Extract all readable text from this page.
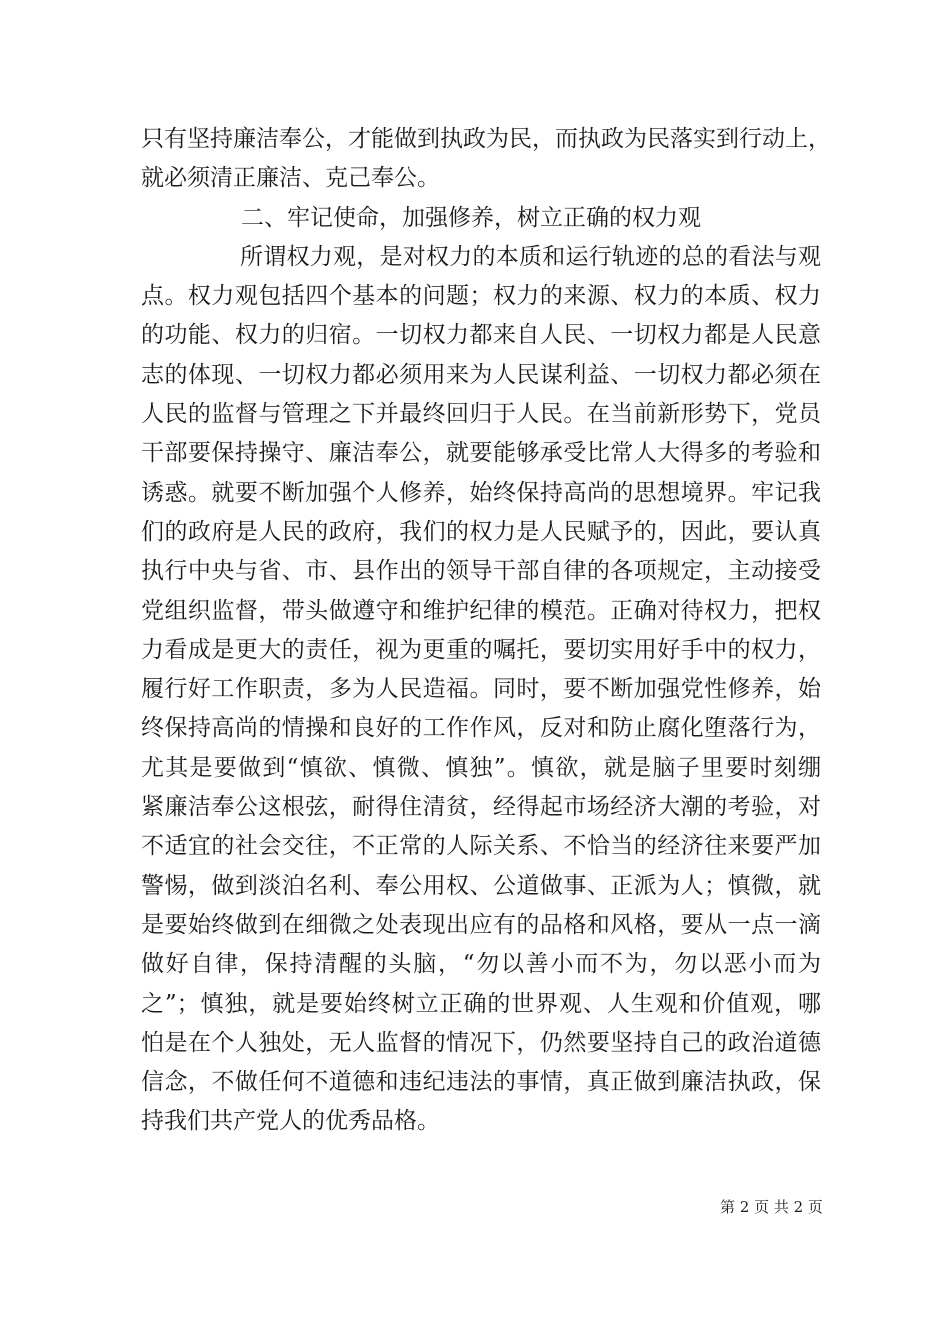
只有坚持廉洁奉公，才能做到执政为民，而执政为民落实到行动上，
就必须清正廉洁、克己奉公。
二、牢记使命，加强修养，树立正确的权力观
所谓权力观，是对权力的本质和运行轨迹的总的看法与观
点。权力观包括四个基本的问题；权力的来源、权力的本质、权力
的功能、权力的归宿。一切权力都来自人民、一切权力都是人民意
志的体现、一切权力都必须用来为人民谋利益、一切权力都必须在
人民的监督与管理之下并最终回归于人民。在当前新形势下，党员
干部要保持操守、廉洁奉公，就要能够承受比常人大得多的考验和
诱惑。就要不断加强个人修养，始终保持高尚的思想境界。牢记我
们的政府是人民的政府，我们的权力是人民赋予的，因此，要认真
执行中央与省、市、县作出的领导干部自律的各项规定，主动接受
党组织监督，带头做遵守和维护纪律的模范。正确对待权力，把权
力看成是更大的责任，视为更重的嘱托，要切实用好手中的权力，
履行好工作职责，多为人民造福。同时，要不断加强党性修养，始
终保持高尚的情操和良好的工作作风，反对和防止腐化堕落行为，
尤其是要做到“慎欲、慎微、慎独”。慎欲，就是脑子里要时刻绷
紧廉洁奉公这根弦，耐得住清贫，经得起市场经济大潮的考验，对
不适宜的社会交往，不正常的人际关系、不恰当的经济往来要严加
警惕，做到淡泊名利、奉公用权、公道做事、正派为人；慎微，就
是要始终做到在细微之处表现出应有的品格和风格，要从一点一滴
做好自律，保持清醒的头脑，“勿以善小而不为，勿以恶小而为
之”；慎独，就是要始终树立正确的世界观、人生观和价值观，哪
怕是在个人独处，无人监督的情况下，仍然要坚持自己的政治道德
信念，不做任何不道德和违纪违法的事情，真正做到廉洁执政，保
持我们共产党人的优秀品格。
第 2 页 共 2 页
